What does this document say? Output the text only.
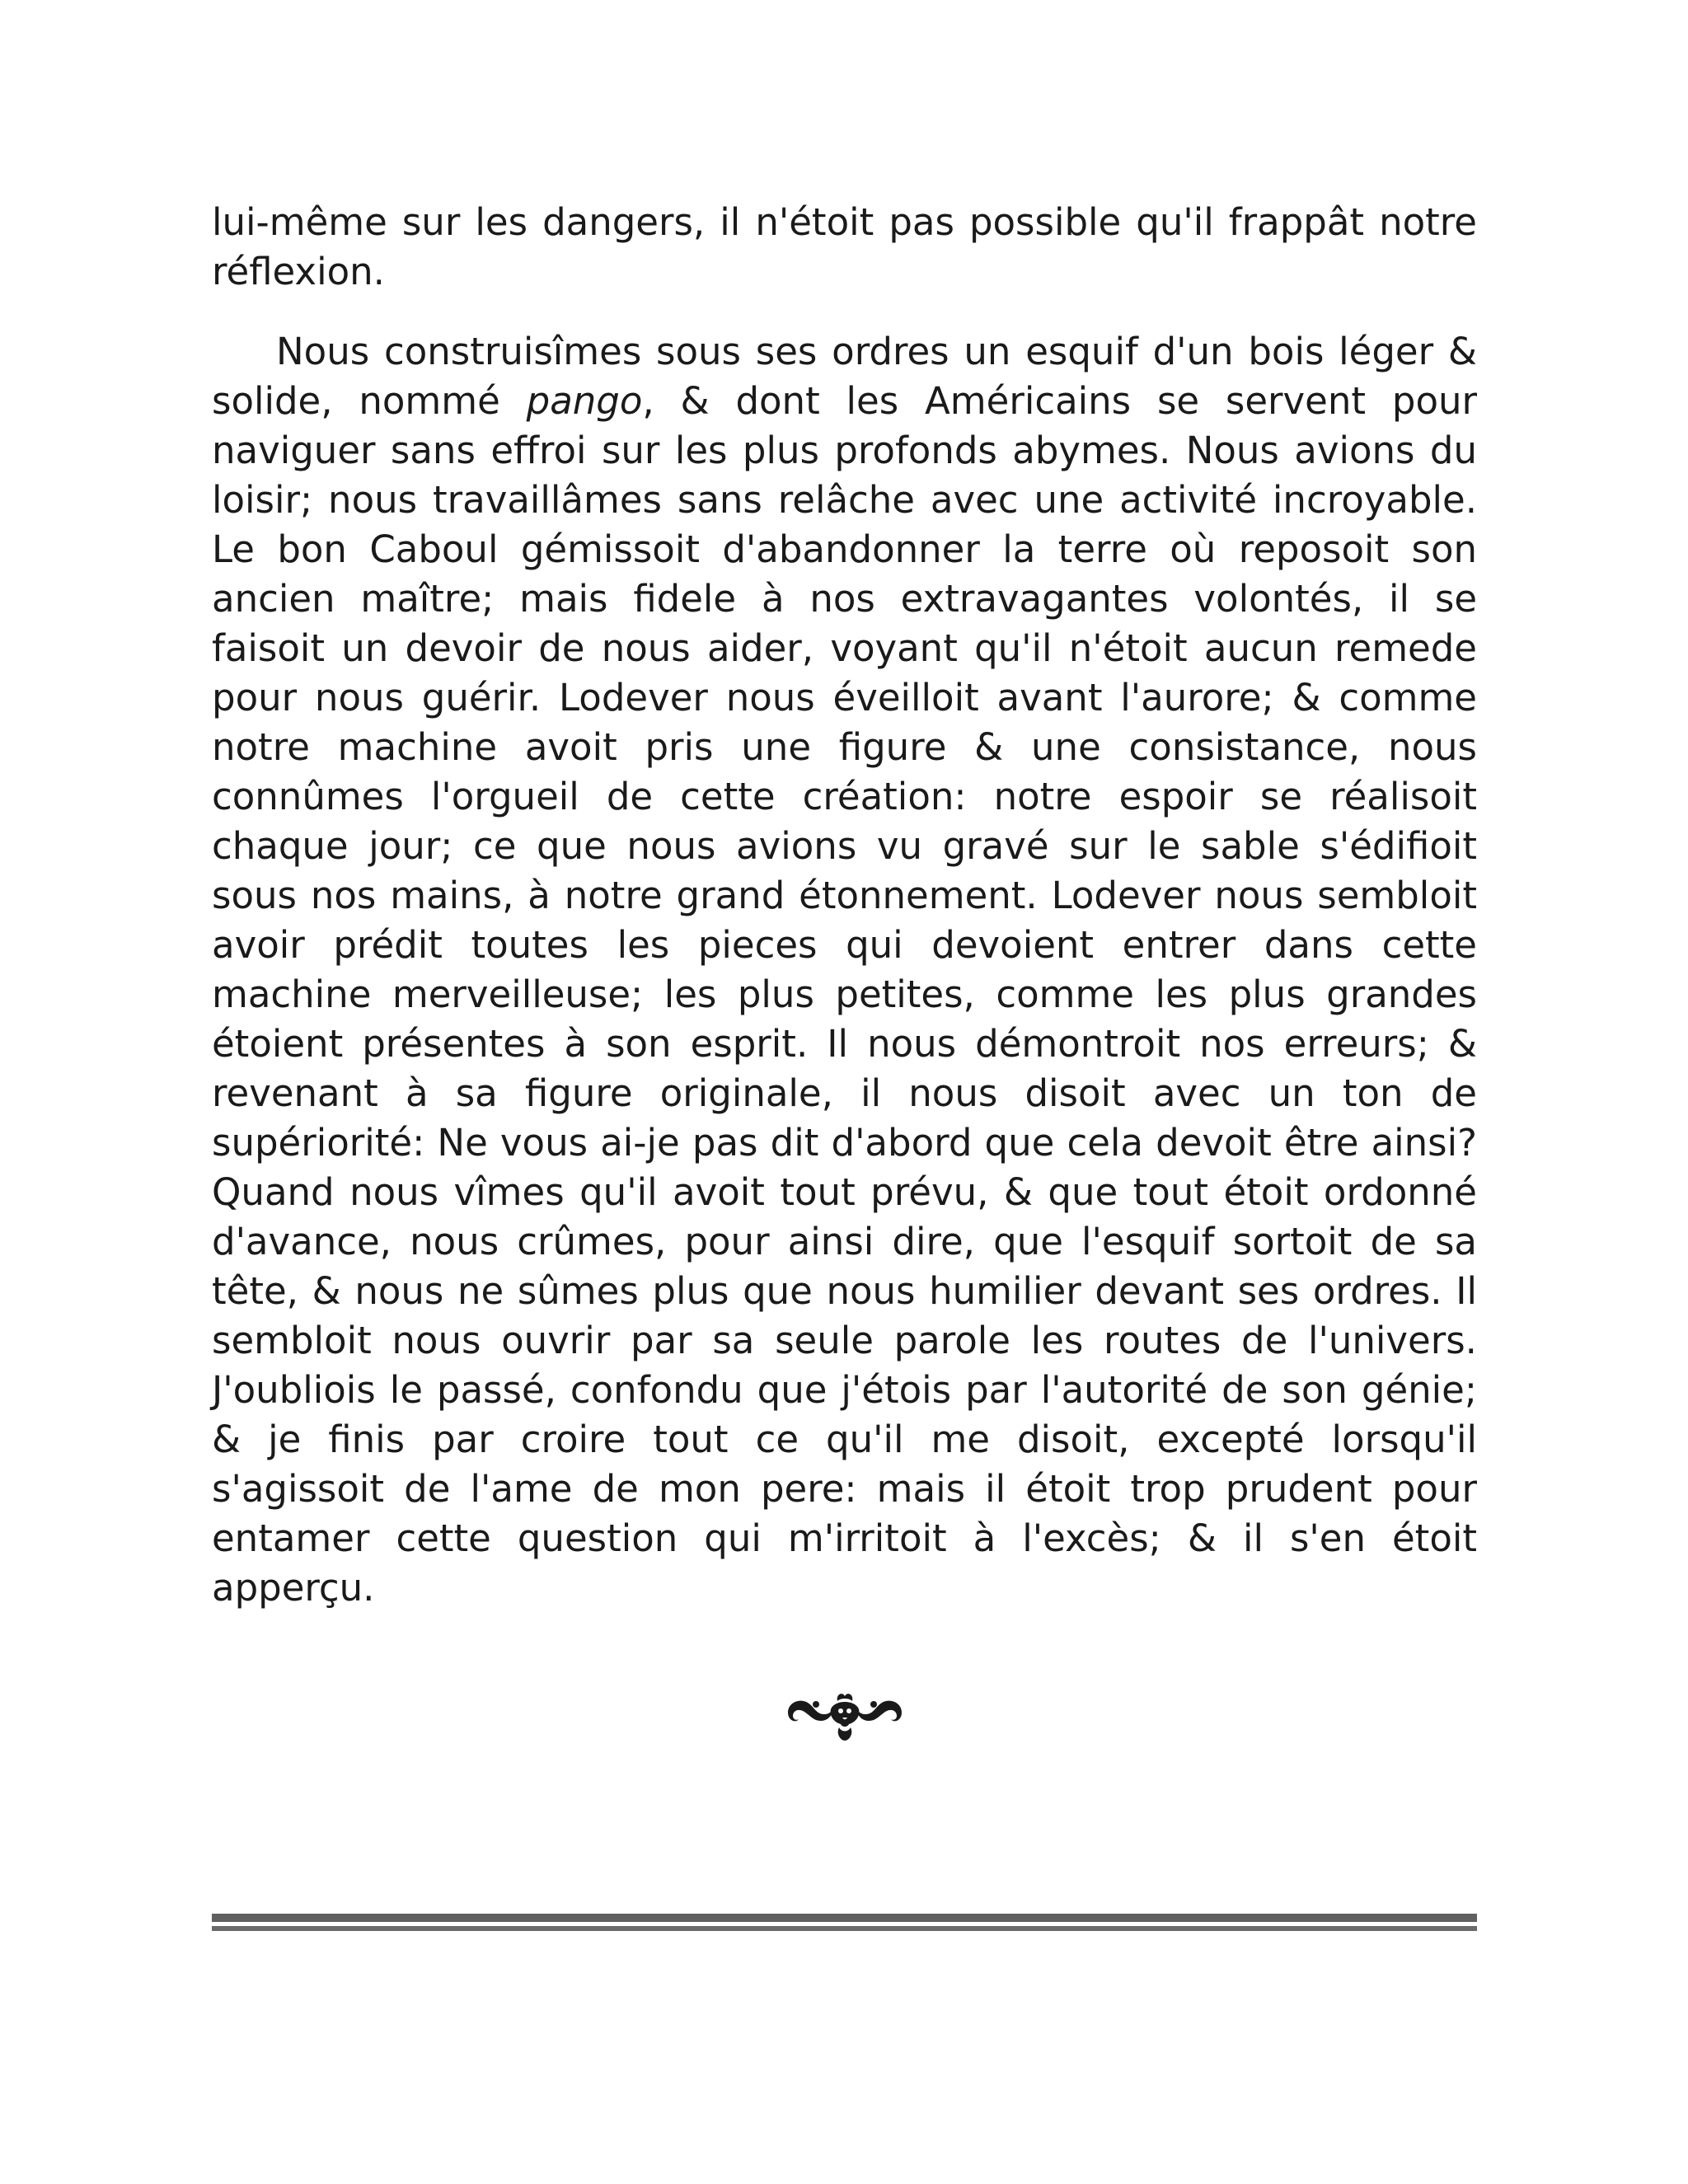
lui-même sur les dangers, il n'étoit pas possible qu'il frappât notre réflexion.

Nous construisîmes sous ses ordres un esquif d'un bois léger & solide, nommé pango, & dont les Américains se servent pour naviguer sans effroi sur les plus profonds abymes. Nous avions du loisir; nous travaillâmes sans relâche avec une activité incroyable. Le bon Caboul gémissoit d'abandonner la terre où reposoit son ancien maître; mais fidele à nos extravagantes volontés, il se faisoit un devoir de nous aider, voyant qu'il n'étoit aucun remede pour nous guérir. Lodever nous éveilloit avant l'aurore; & comme notre machine avoit pris une figure & une consistance, nous connûmes l'orgueil de cette création: notre espoir se réalisoit chaque jour; ce que nous avions vu gravé sur le sable s'édifioit sous nos mains, à notre grand étonnement. Lodever nous sembloit avoir prédit toutes les pieces qui devoient entrer dans cette machine merveilleuse; les plus petites, comme les plus grandes étoient présentes à son esprit. Il nous démontroit nos erreurs; & revenant à sa figure originale, il nous disoit avec un ton de supériorité: Ne vous ai-je pas dit d'abord que cela devoit être ainsi? Quand nous vîmes qu'il avoit tout prévu, & que tout étoit ordonné d'avance, nous crûmes, pour ainsi dire, que l'esquif sortoit de sa tête, & nous ne sûmes plus que nous humilier devant ses ordres. Il sembloit nous ouvrir par sa seule parole les routes de l'univers. J'oubliois le passé, confondu que j'étois par l'autorité de son génie; & je finis par croire tout ce qu'il me disoit, excepté lorsqu'il s'agissoit de l'ame de mon pere: mais il étoit trop prudent pour entamer cette question qui m'irritoit à l'excès; & il s'en étoit apperçu.
